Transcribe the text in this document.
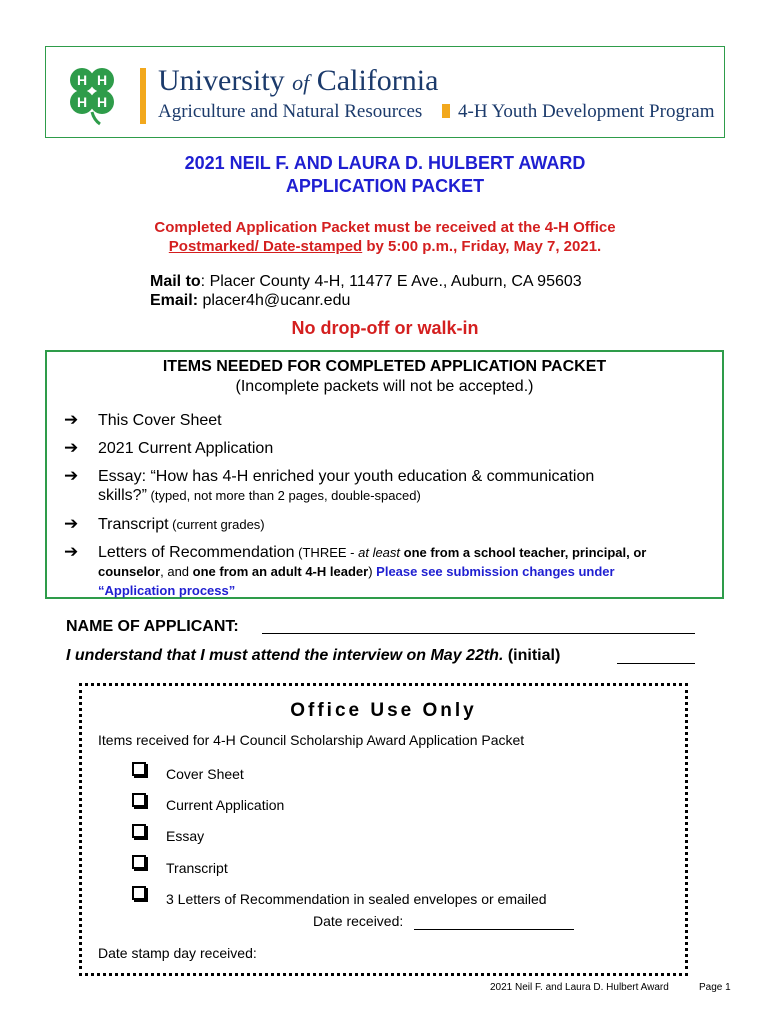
H H
H H
University of California
Agriculture and Natural Resources 4-H Youth Development Program
2021 NEIL F. AND LAURA D. HULBERT AWARD
APPLICATION PACKET
Completed Application Packet must be received at the 4-H Office
Postmarked/ Date-stamped by 5:00 p.m., Friday, May 7, 2021.
Mail to: Placer County 4-H, 11477 E Ave., Auburn, CA 95603
Email: placer4h@ucanr.edu
No drop-off or walk-in
ITEMS NEEDED FOR COMPLETED APPLICATION PACKET
(Incomplete packets will not be accepted.)
➔ This Cover Sheet
➔ 2021 Current Application
➔ Essay: “How has 4-H enriched your youth education & communication
skills?” (typed, not more than 2 pages, double-spaced)
➔ Transcript (current grades)
➔ Letters of Recommendation (THREE - at least one from a school teacher, principal, or
counselor, and one from an adult 4-H leader) Please see submission changes under
“Application process”
NAME OF APPLICANT:
I understand that I must attend the interview on May 22th. (initial)
Office Use Only
Items received for 4-H Council Scholarship Award Application Packet
Cover Sheet
Current Application
Essay
Transcript
3 Letters of Recommendation in sealed envelopes or emailed
Date received:
Date stamp day received:
2021 Neil F. and Laura D. Hulbert Award	Page 1
